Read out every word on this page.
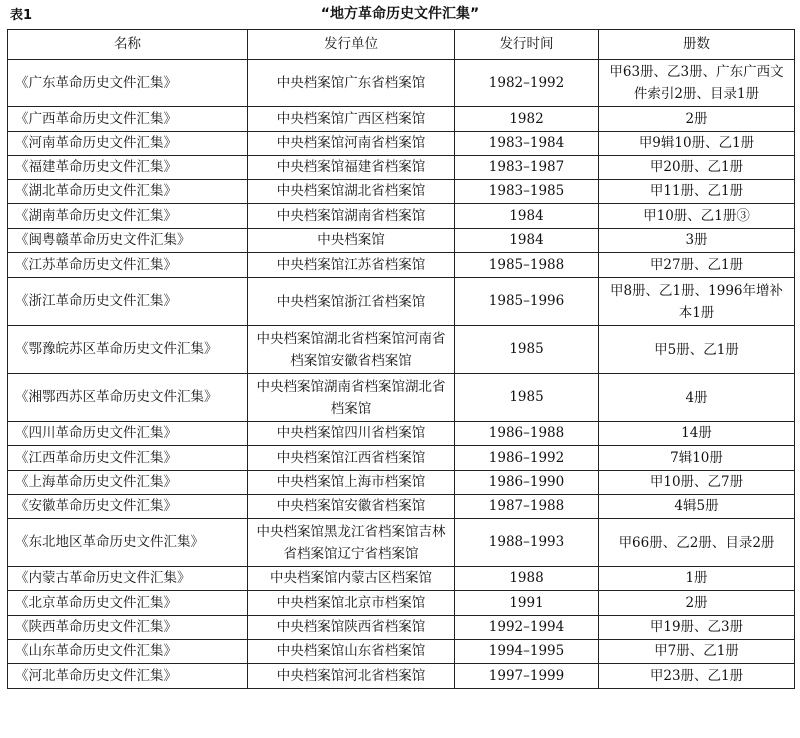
表1	“地方革命历史文件汇集”
名称	发行单位	发行时间	册数
《广东革命历史文件汇集》	中央档案馆广东省档案馆	1982–1992	甲63册、乙3册、广东广西文件索引2册、目录1册
《广西革命历史文件汇集》	中央档案馆广西区档案馆	1982	2册
《河南革命历史文件汇集》	中央档案馆河南省档案馆	1983–1984	甲9辑10册、乙1册
《福建革命历史文件汇集》	中央档案馆福建省档案馆	1983–1987	甲20册、乙1册
《湖北革命历史文件汇集》	中央档案馆湖北省档案馆	1983–1985	甲11册、乙1册
《湖南革命历史文件汇集》	中央档案馆湖南省档案馆	1984	甲10册、乙1册③
《闽粤赣革命历史文件汇集》	中央档案馆	1984	3册
《江苏革命历史文件汇集》	中央档案馆江苏省档案馆	1985–1988	甲27册、乙1册
《浙江革命历史文件汇集》	中央档案馆浙江省档案馆	1985–1996	甲8册、乙1册、1996年增补本1册
《鄂豫皖苏区革命历史文件汇集》	中央档案馆湖北省档案馆河南省档案馆安徽省档案馆	1985	甲5册、乙1册
《湘鄂西苏区革命历史文件汇集》	中央档案馆湖南省档案馆湖北省档案馆	1985	4册
《四川革命历史文件汇集》	中央档案馆四川省档案馆	1986–1988	14册
《江西革命历史文件汇集》	中央档案馆江西省档案馆	1986–1992	7辑10册
《上海革命历史文件汇集》	中央档案馆上海市档案馆	1986–1990	甲10册、乙7册
《安徽革命历史文件汇集》	中央档案馆安徽省档案馆	1987–1988	4辑5册
《东北地区革命历史文件汇集》	中央档案馆黑龙江省档案馆吉林省档案馆辽宁省档案馆	1988–1993	甲66册、乙2册、目录2册
《内蒙古革命历史文件汇集》	中央档案馆内蒙古区档案馆	1988	1册
《北京革命历史文件汇集》	中央档案馆北京市档案馆	1991	2册
《陕西革命历史文件汇集》	中央档案馆陕西省档案馆	1992–1994	甲19册、乙3册
《山东革命历史文件汇集》	中央档案馆山东省档案馆	1994–1995	甲7册、乙1册
《河北革命历史文件汇集》	中央档案馆河北省档案馆	1997–1999	甲23册、乙1册
